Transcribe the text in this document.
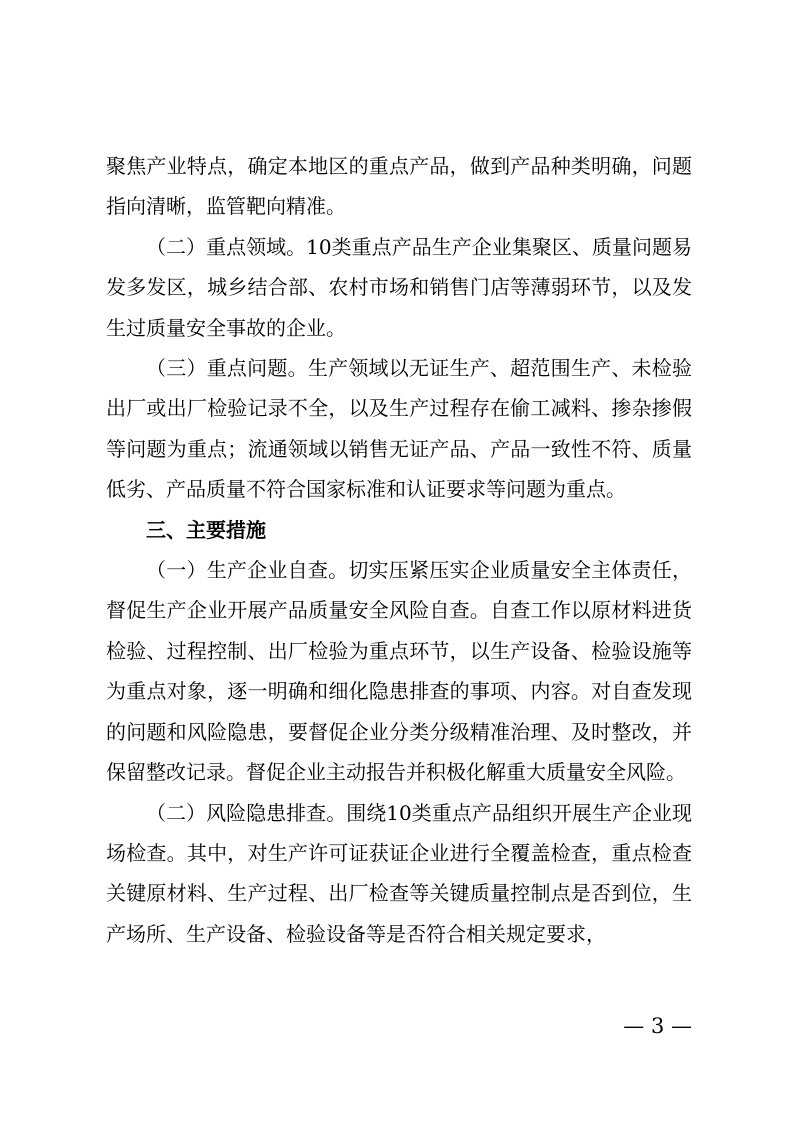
聚焦产业特点，确定本地区的重点产品，做到产品种类明确，问题指向清晰，监管靶向精准。

（二）重点领域。10类重点产品生产企业集聚区、质量问题易发多发区，城乡结合部、农村市场和销售门店等薄弱环节，以及发生过质量安全事故的企业。

（三）重点问题。生产领域以无证生产、超范围生产、未检验出厂或出厂检验记录不全，以及生产过程存在偷工减料、掺杂掺假等问题为重点；流通领域以销售无证产品、产品一致性不符、质量低劣、产品质量不符合国家标准和认证要求等问题为重点。

三、主要措施

（一）生产企业自查。切实压紧压实企业质量安全主体责任，督促生产企业开展产品质量安全风险自查。自查工作以原材料进货检验、过程控制、出厂检验为重点环节，以生产设备、检验设施等为重点对象，逐一明确和细化隐患排查的事项、内容。对自查发现的问题和风险隐患，要督促企业分类分级精准治理、及时整改，并保留整改记录。督促企业主动报告并积极化解重大质量安全风险。

（二）风险隐患排查。围绕10类重点产品组织开展生产企业现场检查。其中，对生产许可证获证企业进行全覆盖检查，重点检查关键原材料、生产过程、出厂检查等关键质量控制点是否到位，生产场所、生产设备、检验设备等是否符合相关规定要求，

— 3 —
